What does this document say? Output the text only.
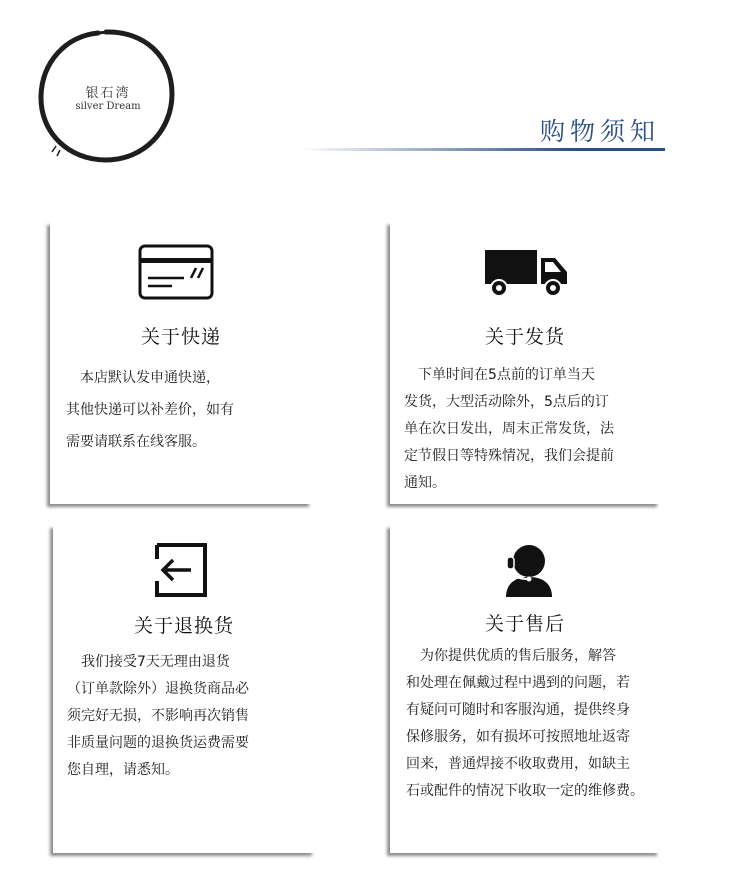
银石湾
silver Dream
购物须知
关于快递

　本店默认发申通快递，

其他快递可以补差价，如有

需要请联系在线客服。

关于发货

　下单时间在5点前的订单当天

发货，大型活动除外，5点后的订

单在次日发出，周末正常发货，法

定节假日等特殊情况，我们会提前

通知。

关于退换货

　我们接受7天无理由退货

（订单款除外）退换货商品必

须完好无损，不影响再次销售

非质量问题的退换货运费需要

您自理，请悉知。

关于售后

　为你提供优质的售后服务，解答

和处理在佩戴过程中遇到的问题，若

有疑问可随时和客服沟通，提供终身

保修服务，如有损坏可按照地址返寄

回来，普通焊接不收取费用，如缺主

石或配件的情况下收取一定的维修费。
